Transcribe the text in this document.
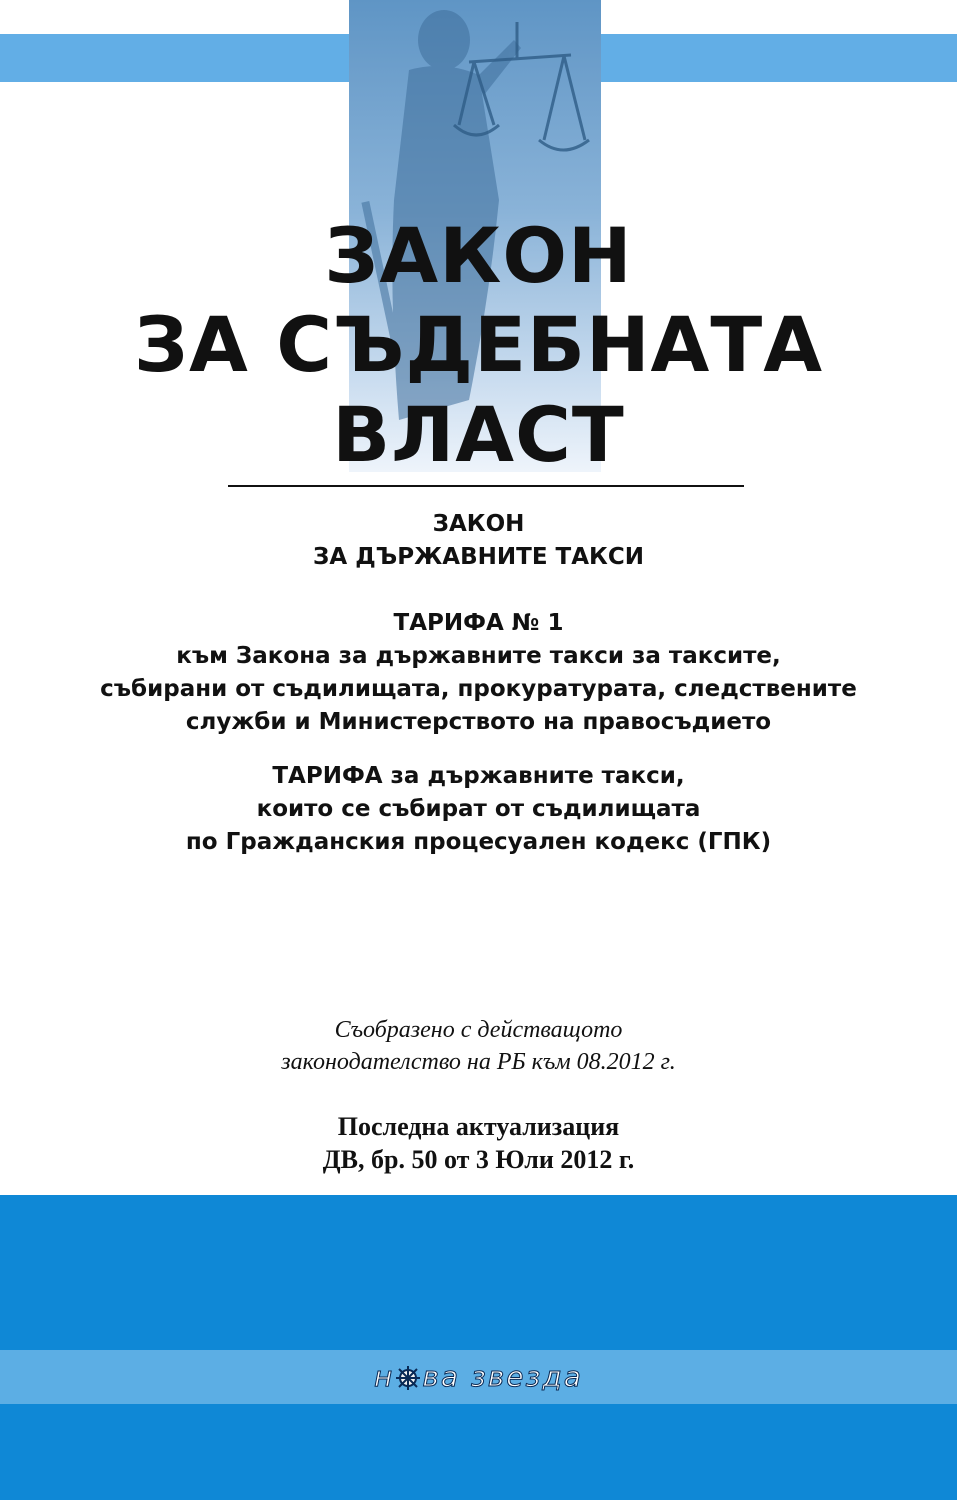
ЗАКОН
ЗА СЪДЕБНАТА
ВЛАСТ
ЗАКОН
ЗА ДЪРЖАВНИТЕ ТАКСИ
ТАРИФА № 1
към Закона за държавните такси за таксите,
събирани от съдилищата, прокуратурата, следствените
служби и Министерството на правосъдието
ТАРИФА за държавните такси,
които се събират от съдилищата
по Гражданския процесуален кодекс (ГПК)
Съобразено с действащото
законодателство на РБ към 08.2012 г.
Последна актуализация
ДВ, бр. 50 от 3 Юли 2012 г.
н ва звезда
